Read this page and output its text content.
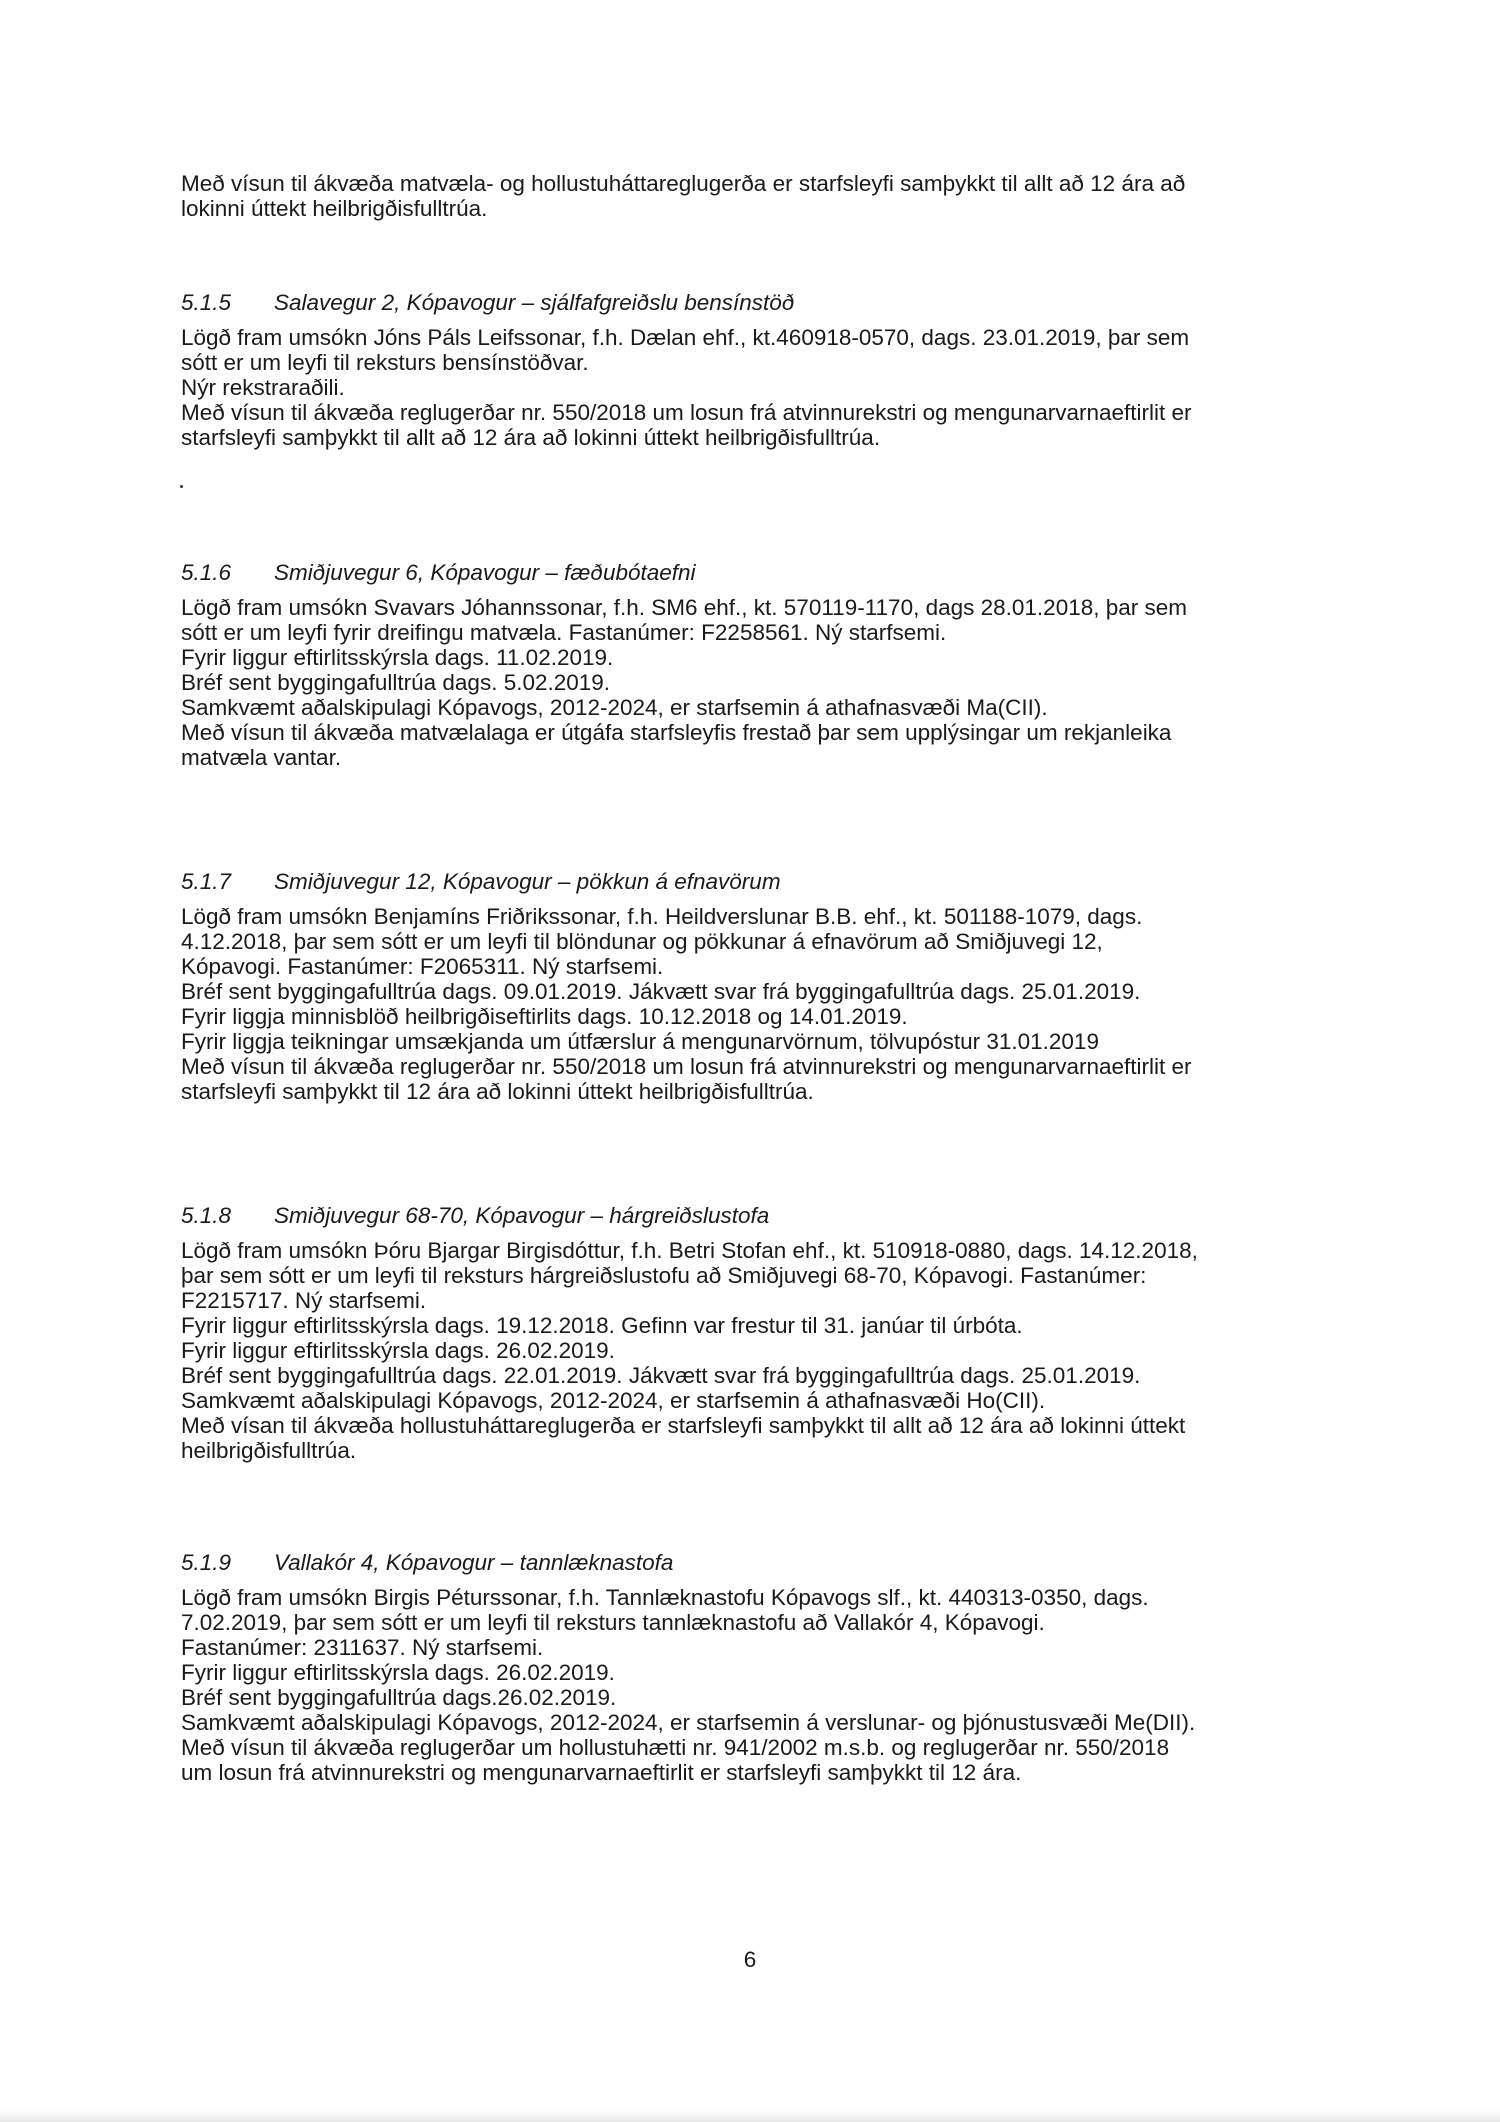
Með vísun til ákvæða matvæla- og hollustuháttareglugerða er starfsleyfi samþykkt til allt að 12 ára að

lokinni úttekt heilbrigðisfulltrúa.

5.1.5 Salavegur 2, Kópavogur – sjálfafgreiðslu bensínstöð

Lögð fram umsókn Jóns Páls Leifssonar, f.h. Dælan ehf., kt.460918-0570, dags. 23.01.2019, þar sem

sótt er um leyfi til reksturs bensínstöðvar.

Nýr rekstraraðili.

Með vísun til ákvæða reglugerðar nr. 550/2018 um losun frá atvinnurekstri og mengunarvarnaeftirlit er

starfsleyfi samþykkt til allt að 12 ára að lokinni úttekt heilbrigðisfulltrúa.

5.1.6 Smiðjuvegur 6, Kópavogur – fæðubótaefni

Lögð fram umsókn Svavars Jóhannssonar, f.h. SM6 ehf., kt. 570119-1170, dags 28.01.2018, þar sem

sótt er um leyfi fyrir dreifingu matvæla. Fastanúmer: F2258561. Ný starfsemi.

Fyrir liggur eftirlitsskýrsla dags. 11.02.2019.

Bréf sent byggingafulltrúa dags. 5.02.2019.

Samkvæmt aðalskipulagi Kópavogs, 2012-2024, er starfsemin á athafnasvæði Ma(CII).

Með vísun til ákvæða matvælalaga er útgáfa starfsleyfis frestað þar sem upplýsingar um rekjanleika

matvæla vantar.

5.1.7 Smiðjuvegur 12, Kópavogur – pökkun á efnavörum

Lögð fram umsókn Benjamíns Friðrikssonar, f.h. Heildverslunar B.B. ehf., kt. 501188-1079, dags.

4.12.2018, þar sem sótt er um leyfi til blöndunar og pökkunar á efnavörum að Smiðjuvegi 12,

Kópavogi. Fastanúmer: F2065311. Ný starfsemi.

Bréf sent byggingafulltrúa dags. 09.01.2019. Jákvætt svar frá byggingafulltrúa dags. 25.01.2019.

Fyrir liggja minnisblöð heilbrigðiseftirlits dags. 10.12.2018 og 14.01.2019.

Fyrir liggja teikningar umsækjanda um útfærslur á mengunarvörnum, tölvupóstur 31.01.2019

Með vísun til ákvæða reglugerðar nr. 550/2018 um losun frá atvinnurekstri og mengunarvarnaeftirlit er

starfsleyfi samþykkt til 12 ára að lokinni úttekt heilbrigðisfulltrúa.

5.1.8 Smiðjuvegur 68-70, Kópavogur – hárgreiðslustofa

Lögð fram umsókn Þóru Bjargar Birgisdóttur, f.h. Betri Stofan ehf., kt. 510918-0880, dags. 14.12.2018,

þar sem sótt er um leyfi til reksturs hárgreiðslustofu að Smiðjuvegi 68-70, Kópavogi. Fastanúmer:

F2215717. Ný starfsemi.

Fyrir liggur eftirlitsskýrsla dags. 19.12.2018. Gefinn var frestur til 31. janúar til úrbóta.

Fyrir liggur eftirlitsskýrsla dags. 26.02.2019.

Bréf sent byggingafulltrúa dags. 22.01.2019. Jákvætt svar frá byggingafulltrúa dags. 25.01.2019.

Samkvæmt aðalskipulagi Kópavogs, 2012-2024, er starfsemin á athafnasvæði Ho(CII).

Með vísan til ákvæða hollustuháttareglugerða er starfsleyfi samþykkt til allt að 12 ára að lokinni úttekt

heilbrigðisfulltrúa.

5.1.9 Vallakór 4, Kópavogur – tannlæknastofa

Lögð fram umsókn Birgis Péturssonar, f.h. Tannlæknastofu Kópavogs slf., kt. 440313-0350, dags.

7.02.2019, þar sem sótt er um leyfi til reksturs tannlæknastofu að Vallakór 4, Kópavogi.

Fastanúmer: 2311637. Ný starfsemi.

Fyrir liggur eftirlitsskýrsla dags. 26.02.2019.

Bréf sent byggingafulltrúa dags.26.02.2019.

Samkvæmt aðalskipulagi Kópavogs, 2012-2024, er starfsemin á verslunar- og þjónustusvæði Me(DII).

Með vísun til ákvæða reglugerðar um hollustuhætti nr. 941/2002 m.s.b. og reglugerðar nr. 550/2018

um losun frá atvinnurekstri og mengunarvarnaeftirlit er starfsleyfi samþykkt til 12 ára.

6
